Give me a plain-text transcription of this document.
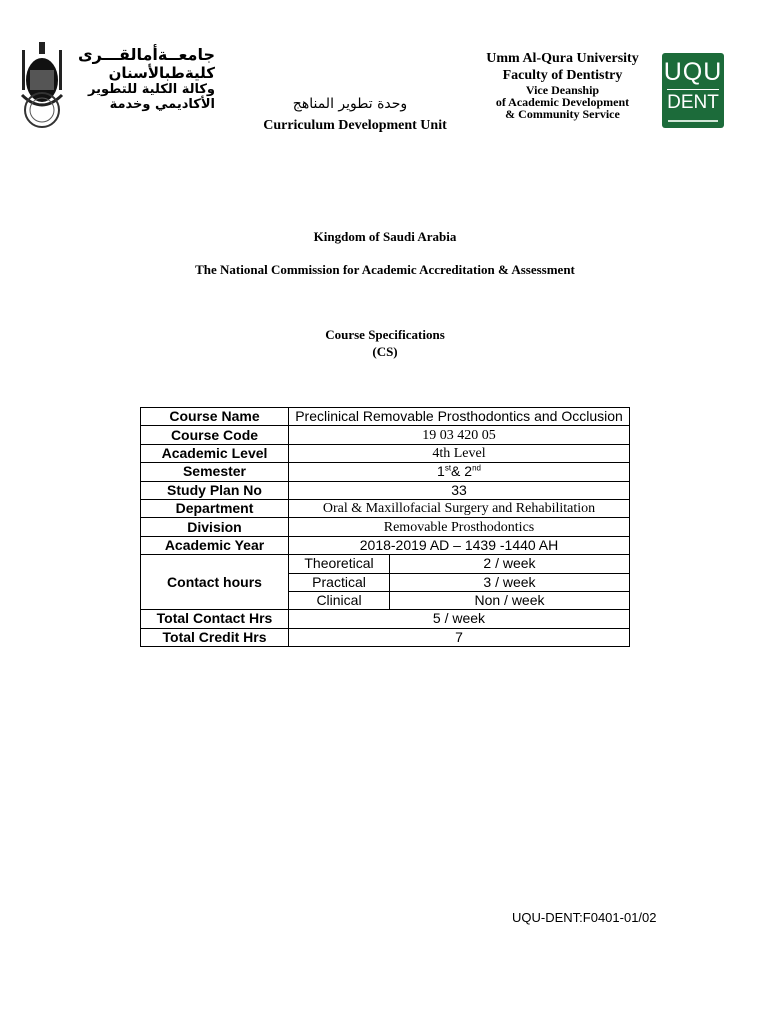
جامعــةأمالقـــرى
كليةطبالأسنان
وكالة الكلية للتطوير
الأكاديمي وخدمة	وحدة تطوير المناهج
Curriculum Development Unit
Umm Al-Qura University
Faculty of Dentistry
Vice Deanship
of Academic Development
& Community Service
UQU
DENT
Kingdom of Saudi Arabia
The National Commission for Academic Accreditation & Assessment
Course Specifications
(CS)
Course Name	Preclinical Removable Prosthodontics and Occlusion	
Course Code	19 03 420 05	
Academic Level	4th Level	
Semester	1st& 2nd
Study Plan No	33	
Department	Oral & Maxillofacial Surgery and Rehabilitation	
Division	Removable Prosthodontics	
Academic Year	2018-2019 AD – 1439 -1440 AH	
Contact hours	Theoretical	2 / week
	Practical	3 / week
	Clinical	Non / week
Total Contact Hrs	5 / week	
Total Credit Hrs	7	
UQU-DENT:F0401-01/02
